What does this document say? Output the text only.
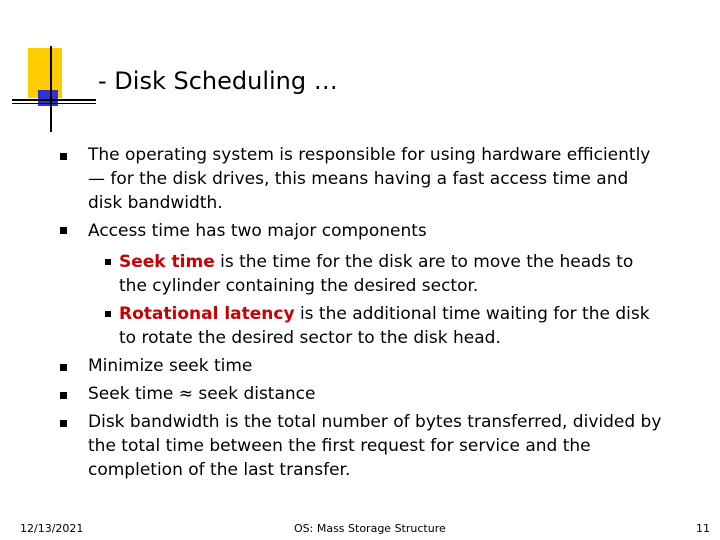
- Disk Scheduling …
The operating system is responsible for using hardware efficiently
— for the disk drives, this means having a fast access time and
disk bandwidth.
Access time has two major components
Seek time is the time for the disk are to move the heads to
the cylinder containing the desired sector.
Rotational latency is the additional time waiting for the disk
to rotate the desired sector to the disk head.
Minimize seek time
Seek time ≈ seek distance
Disk bandwidth is the total number of bytes transferred, divided by
the total time between the first request for service and the
completion of the last transfer.
12/13/2021	OS: Mass Storage Structure	11
